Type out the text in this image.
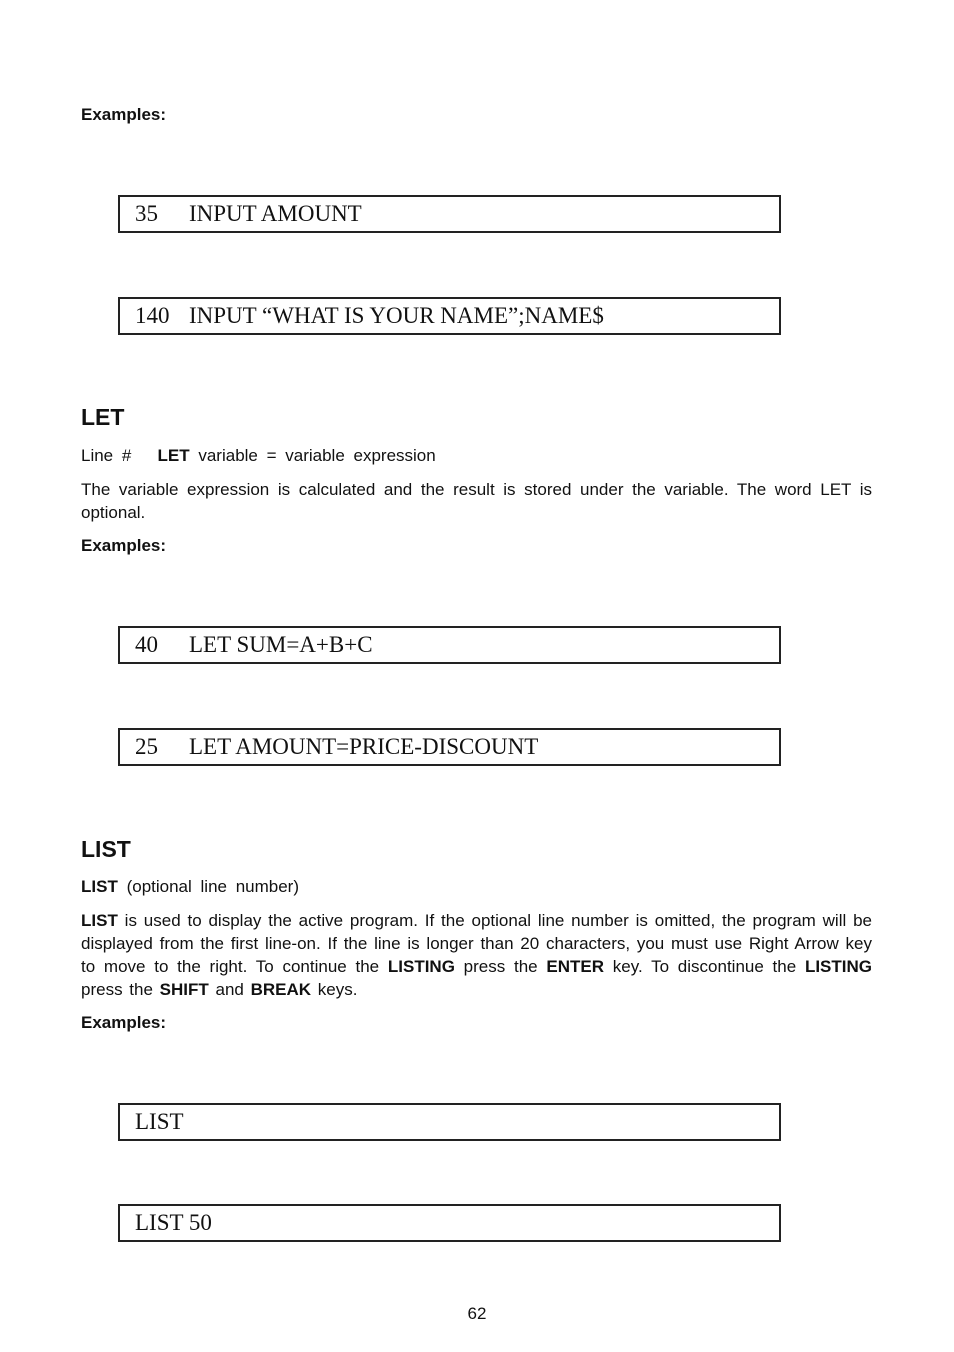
Examples:
35 INPUT AMOUNT
140 INPUT “WHAT IS YOUR NAME”;NAME$
LET
Line # LET variable = variable expression
The variable expression is calculated and the result is stored under the variable. The word LET is optional.
Examples:
40 LET SUM=A+B+C
25 LET AMOUNT=PRICE-DISCOUNT
LIST
LIST (optional line number)
LIST is used to display the active program. If the optional line number is omitted, the program will be displayed from the first line-on. If the line is longer than 20 characters, you must use Right Arrow key to move to the right. To continue the LISTING press the ENTER key. To discontinue the LISTING press the SHIFT and BREAK keys.
Examples:
LIST
LIST 50
62
